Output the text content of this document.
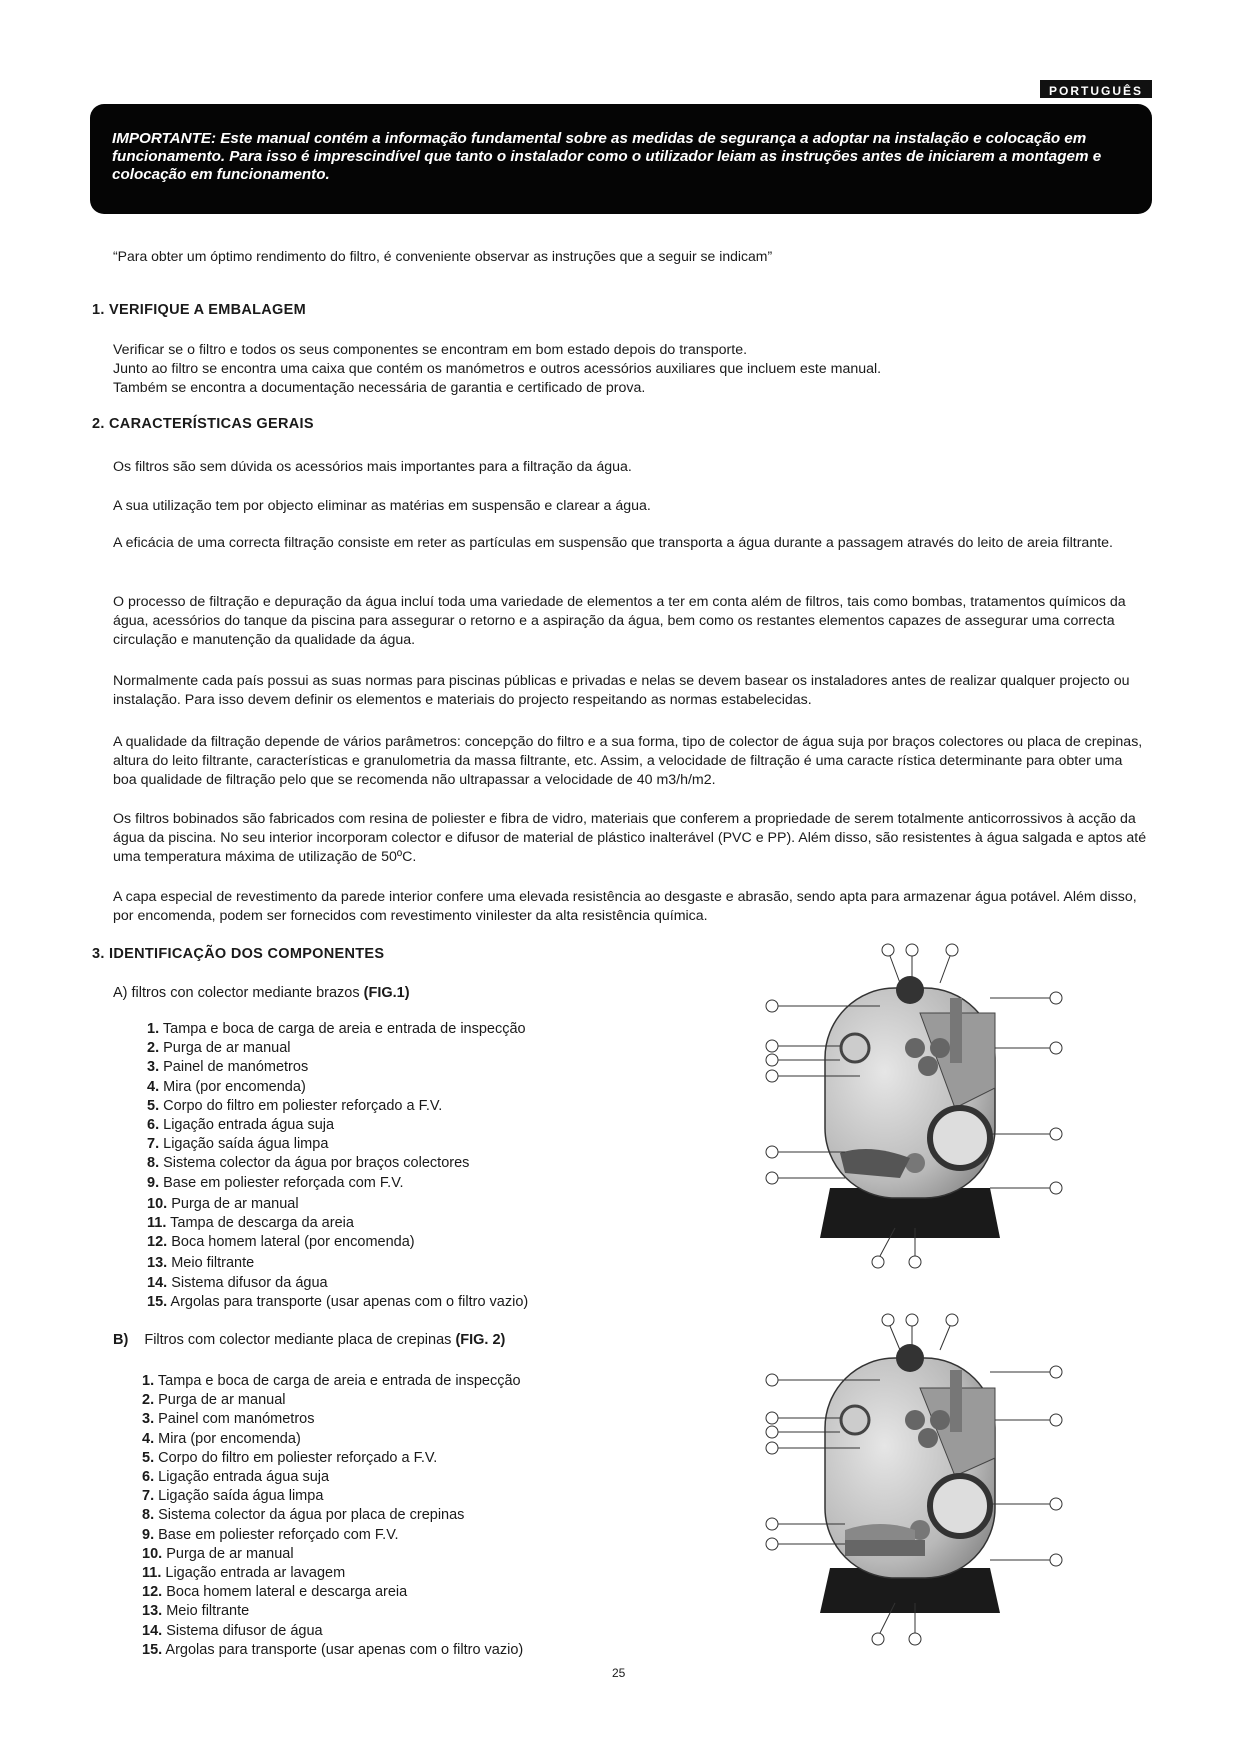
PORTUGUÊS

IMPORTANTE: Este manual contém a informação fundamental sobre as medidas de segurança a adoptar na instalação e colocação em funcionamento. Para isso é imprescindível que tanto o instalador como o utilizador leiam as instruções antes de iniciarem a montagem e colocação em funcionamento.

“Para obter um óptimo rendimento do filtro, é conveniente observar as instruções que a seguir se indicam”
1. VERIFIQUE A EMBALAGEM

Verificar se o filtro e todos os seus componentes se encontram em bom estado depois do transporte.

Junto ao filtro se encontra uma caixa que contém os manómetros e outros acessórios auxiliares que incluem este manual.

Também se encontra a documentação necessária de garantia e certificado de prova.

2. CARACTERÍSTICAS GERAIS

Os filtros são sem dúvida os acessórios mais importantes para a filtração da água.

A sua utilização tem por objecto eliminar as matérias em suspensão e clarear a água.

A eficácia de uma correcta filtração consiste em reter as partículas em suspensão que transporta a água durante a passagem através do leito de areia filtrante.

O processo de filtração e depuração da água incluí toda uma variedade de elementos a ter em conta além de filtros, tais como bombas, tratamentos químicos da água, acessórios do tanque da piscina para assegurar o retorno e a aspiração da água, bem como os restantes elementos capazes de assegurar uma correcta circulação e manutenção da qualidade da água.

Normalmente cada país possui as suas normas para piscinas públicas e privadas e nelas se devem basear os instaladores antes de realizar qualquer projecto ou instalação. Para isso devem definir os elementos e materiais do projecto respeitando as normas estabelecidas.

A qualidade da filtração depende de vários parâmetros: concepção do filtro e a sua forma, tipo de colector de água suja por braços colectores ou placa de crepinas, altura do leito filtrante, características e granulometria da massa filtrante, etc. Assim, a velocidade de filtração é uma caracte rística determinante para obter uma boa qualidade de filtração pelo que se recomenda não ultrapassar a velocidade de 40 m3/h/m2.

Os filtros bobinados são fabricados com resina de poliester e fibra de vidro, materiais que conferem a propriedade de serem totalmente anticorrossivos à acção da água da piscina. No seu interior incorporam colector e difusor de material de plástico inalterável (PVC e PP). Além disso, são resistentes à água salgada e aptos até uma temperatura máxima de utilização de 50ºC.

A capa especial de revestimento da parede interior confere uma elevada resistência ao desgaste e abrasão, sendo apta para armazenar água potável. Além disso, por encomenda, podem ser fornecidos com revestimento vinilester da alta resistência química.

3. IDENTIFICAÇÃO DOS COMPONENTES
A) filtros con colector mediante brazos (FIG.1)
1. Tampa e boca de carga de areia e entrada de inspecção
2. Purga de ar manual
3. Painel de manómetros
4. Mira (por encomenda)
5. Corpo do filtro em poliester reforçado a F.V.
6. Ligação entrada água suja
7. Ligação saída água limpa
8. Sistema colector da água por braços colectores
9. Base em poliester reforçada com F.V.
10. Purga de ar manual
11. Tampa de descarga da areia
12. Boca homem lateral (por encomenda)
13. Meio filtrante
14. Sistema difusor da água
15. Argolas para transporte (usar apenas com o filtro vazio)
B) Filtros com colector mediante placa de crepinas (FIG. 2)
1. Tampa e boca de carga de areia e entrada de inspecção
2. Purga de ar manual
3. Painel com manómetros
4. Mira (por encomenda)
5. Corpo do filtro em poliester reforçado a F.V.
6. Ligação entrada água suja
7. Ligação saída água limpa
8. Sistema colector da água por placa de crepinas
9. Base em poliester reforçado com F.V.
10. Purga de ar manual
11. Ligação entrada ar lavagem
12. Boca homem lateral e descarga areia
13. Meio filtrante
14. Sistema difusor de água
15. Argolas para transporte (usar apenas com o filtro vazio)
25
